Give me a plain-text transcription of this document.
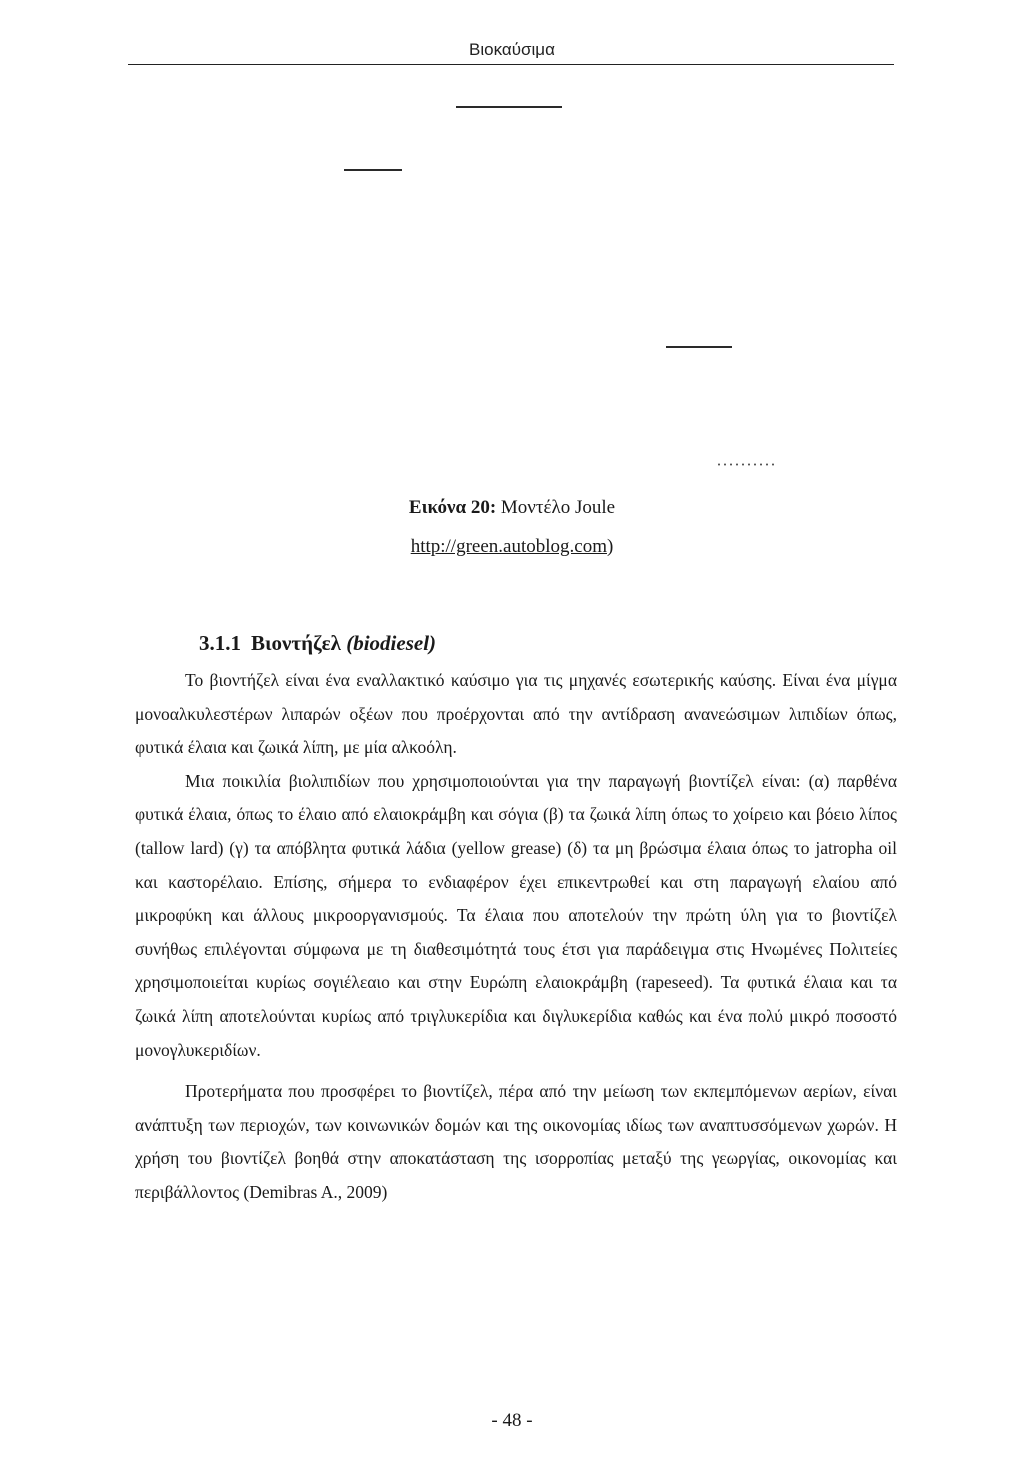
Βιοκαύσιμα
Εικόνα 20: Μοντέλο Joule
http://green.autoblog.com)
3.1.1 Βιοντήζελ (biodiesel)

Το βιοντήζελ είναι ένα εναλλακτικό καύσιμο για τις μηχανές εσωτερικής καύσης. Είναι ένα μίγμα μονοαλκυλεστέρων λιπαρών οξέων που προέρχονται από την αντίδραση ανανεώσιμων λιπιδίων όπως, φυτικά έλαια και ζωικά λίπη, με μία αλκοόλη.

Μια ποικιλία βιολιπιδίων που χρησιμοποιούνται για την παραγωγή βιοντίζελ είναι: (α) παρθένα φυτικά έλαια, όπως το έλαιο από ελαιοκράμβη και σόγια (β) τα ζωικά λίπη όπως το χοίρειο και βόειο λίπος (tallow lard) (γ) τα απόβλητα φυτικά λάδια (yellow grease) (δ) τα μη βρώσιμα έλαια όπως το jatropha oil και καστορέλαιο. Επίσης, σήμερα το ενδιαφέρον έχει επικεντρωθεί και στη παραγωγή ελαίου από μικροφύκη και άλλους μικροοργανισμούς. Τα έλαια που αποτελούν την πρώτη ύλη για το βιοντίζελ συνήθως επιλέγονται σύμφωνα με τη διαθεσιμότητά τους έτσι για παράδειγμα στις Ηνωμένες Πολιτείες χρησιμοποιείται κυρίως σογιέλεαιο και στην Ευρώπη ελαιοκράμβη (rapeseed). Τα φυτικά έλαια και τα ζωικά λίπη αποτελούνται κυρίως από τριγλυκερίδια και διγλυκερίδια καθώς και ένα πολύ μικρό ποσοστό μονογλυκεριδίων.

Προτερήματα που προσφέρει το βιοντίζελ, πέρα από την μείωση των εκπεμπόμενων αερίων, είναι ανάπτυξη των περιοχών, των κοινωνικών δομών και της οικονομίας ιδίως των αναπτυσσόμενων χωρών. Η χρήση του βιοντίζελ βοηθά στην αποκατάσταση της ισορροπίας μεταξύ της γεωργίας, οικονομίας και περιβάλλοντος (Demibras A., 2009)

- 48 -
